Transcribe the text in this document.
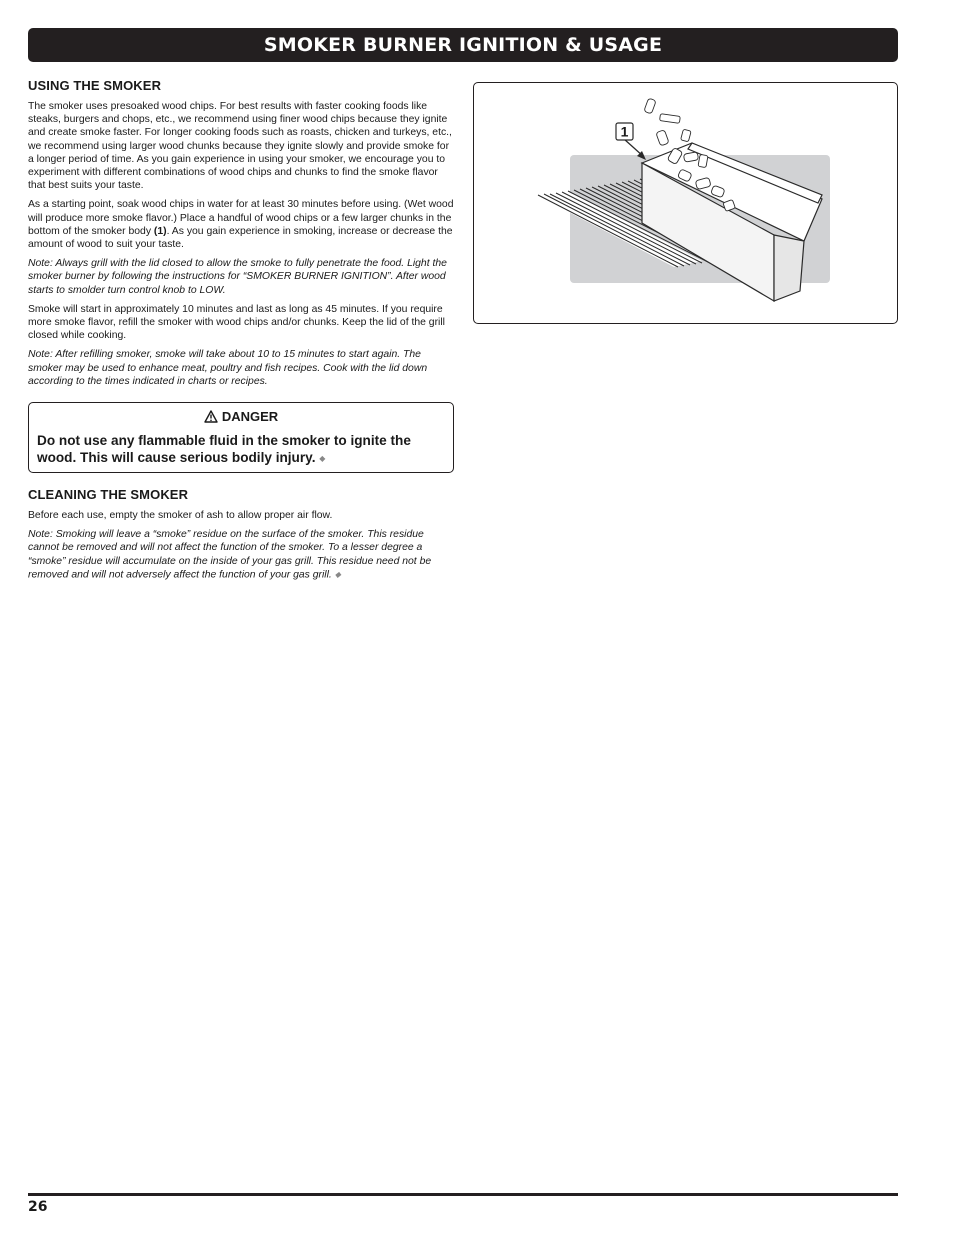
SMOKER BURNER IGNITION & USAGE
USING THE SMOKER

The smoker uses presoaked wood chips. For best results with faster cooking foods like steaks, burgers and chops, etc., we recommend using finer wood chips because they ignite and create smoke faster. For longer cooking foods such as roasts, chicken and turkeys, etc., we recommend using larger wood chunks because they ignite slowly and provide smoke for a longer period of time. As you gain experience in using your smoker, we encourage you to experiment with different combinations of wood chips and chunks to find the smoke flavor that best suits your taste.

As a starting point, soak wood chips in water for at least 30 minutes before using. (Wet wood will produce more smoke flavor.) Place a handful of wood chips or a few larger chunks in the bottom of the smoker body (1). As you gain experience in smoking, increase or decrease the amount of wood to suit your taste.

Note: Always grill with the lid closed to allow the smoke to fully penetrate the food. Light the smoker burner by following the instructions for “SMOKER BURNER IGNITION”. After wood starts to smolder turn control knob to LOW.

Smoke will start in approximately 10 minutes and last as long as 45 minutes. If you require more smoke flavor, refill the smoker with wood chips and/or chunks. Keep the lid of the grill closed while cooking.

Note: After refilling smoker, smoke will take about 10 to 15 minutes to start again. The smoker may be used to enhance meat, poultry and fish recipes. Cook with the lid down according to the times indicated in charts or recipes.

DANGER
Do not use any flammable fluid in the smoker to ignite the wood. This will cause serious bodily injury. ◆
CLEANING THE SMOKER

Before each use, empty the smoker of ash to allow proper air flow.

Note: Smoking will leave a “smoke” residue on the surface of the smoker. This residue cannot be removed and will not affect the function of the smoker. To a lesser degree a “smoke” residue will accumulate on the inside of your gas grill. This residue need not be removed and will not adversely affect the function of your gas grill. ◆

1
26
